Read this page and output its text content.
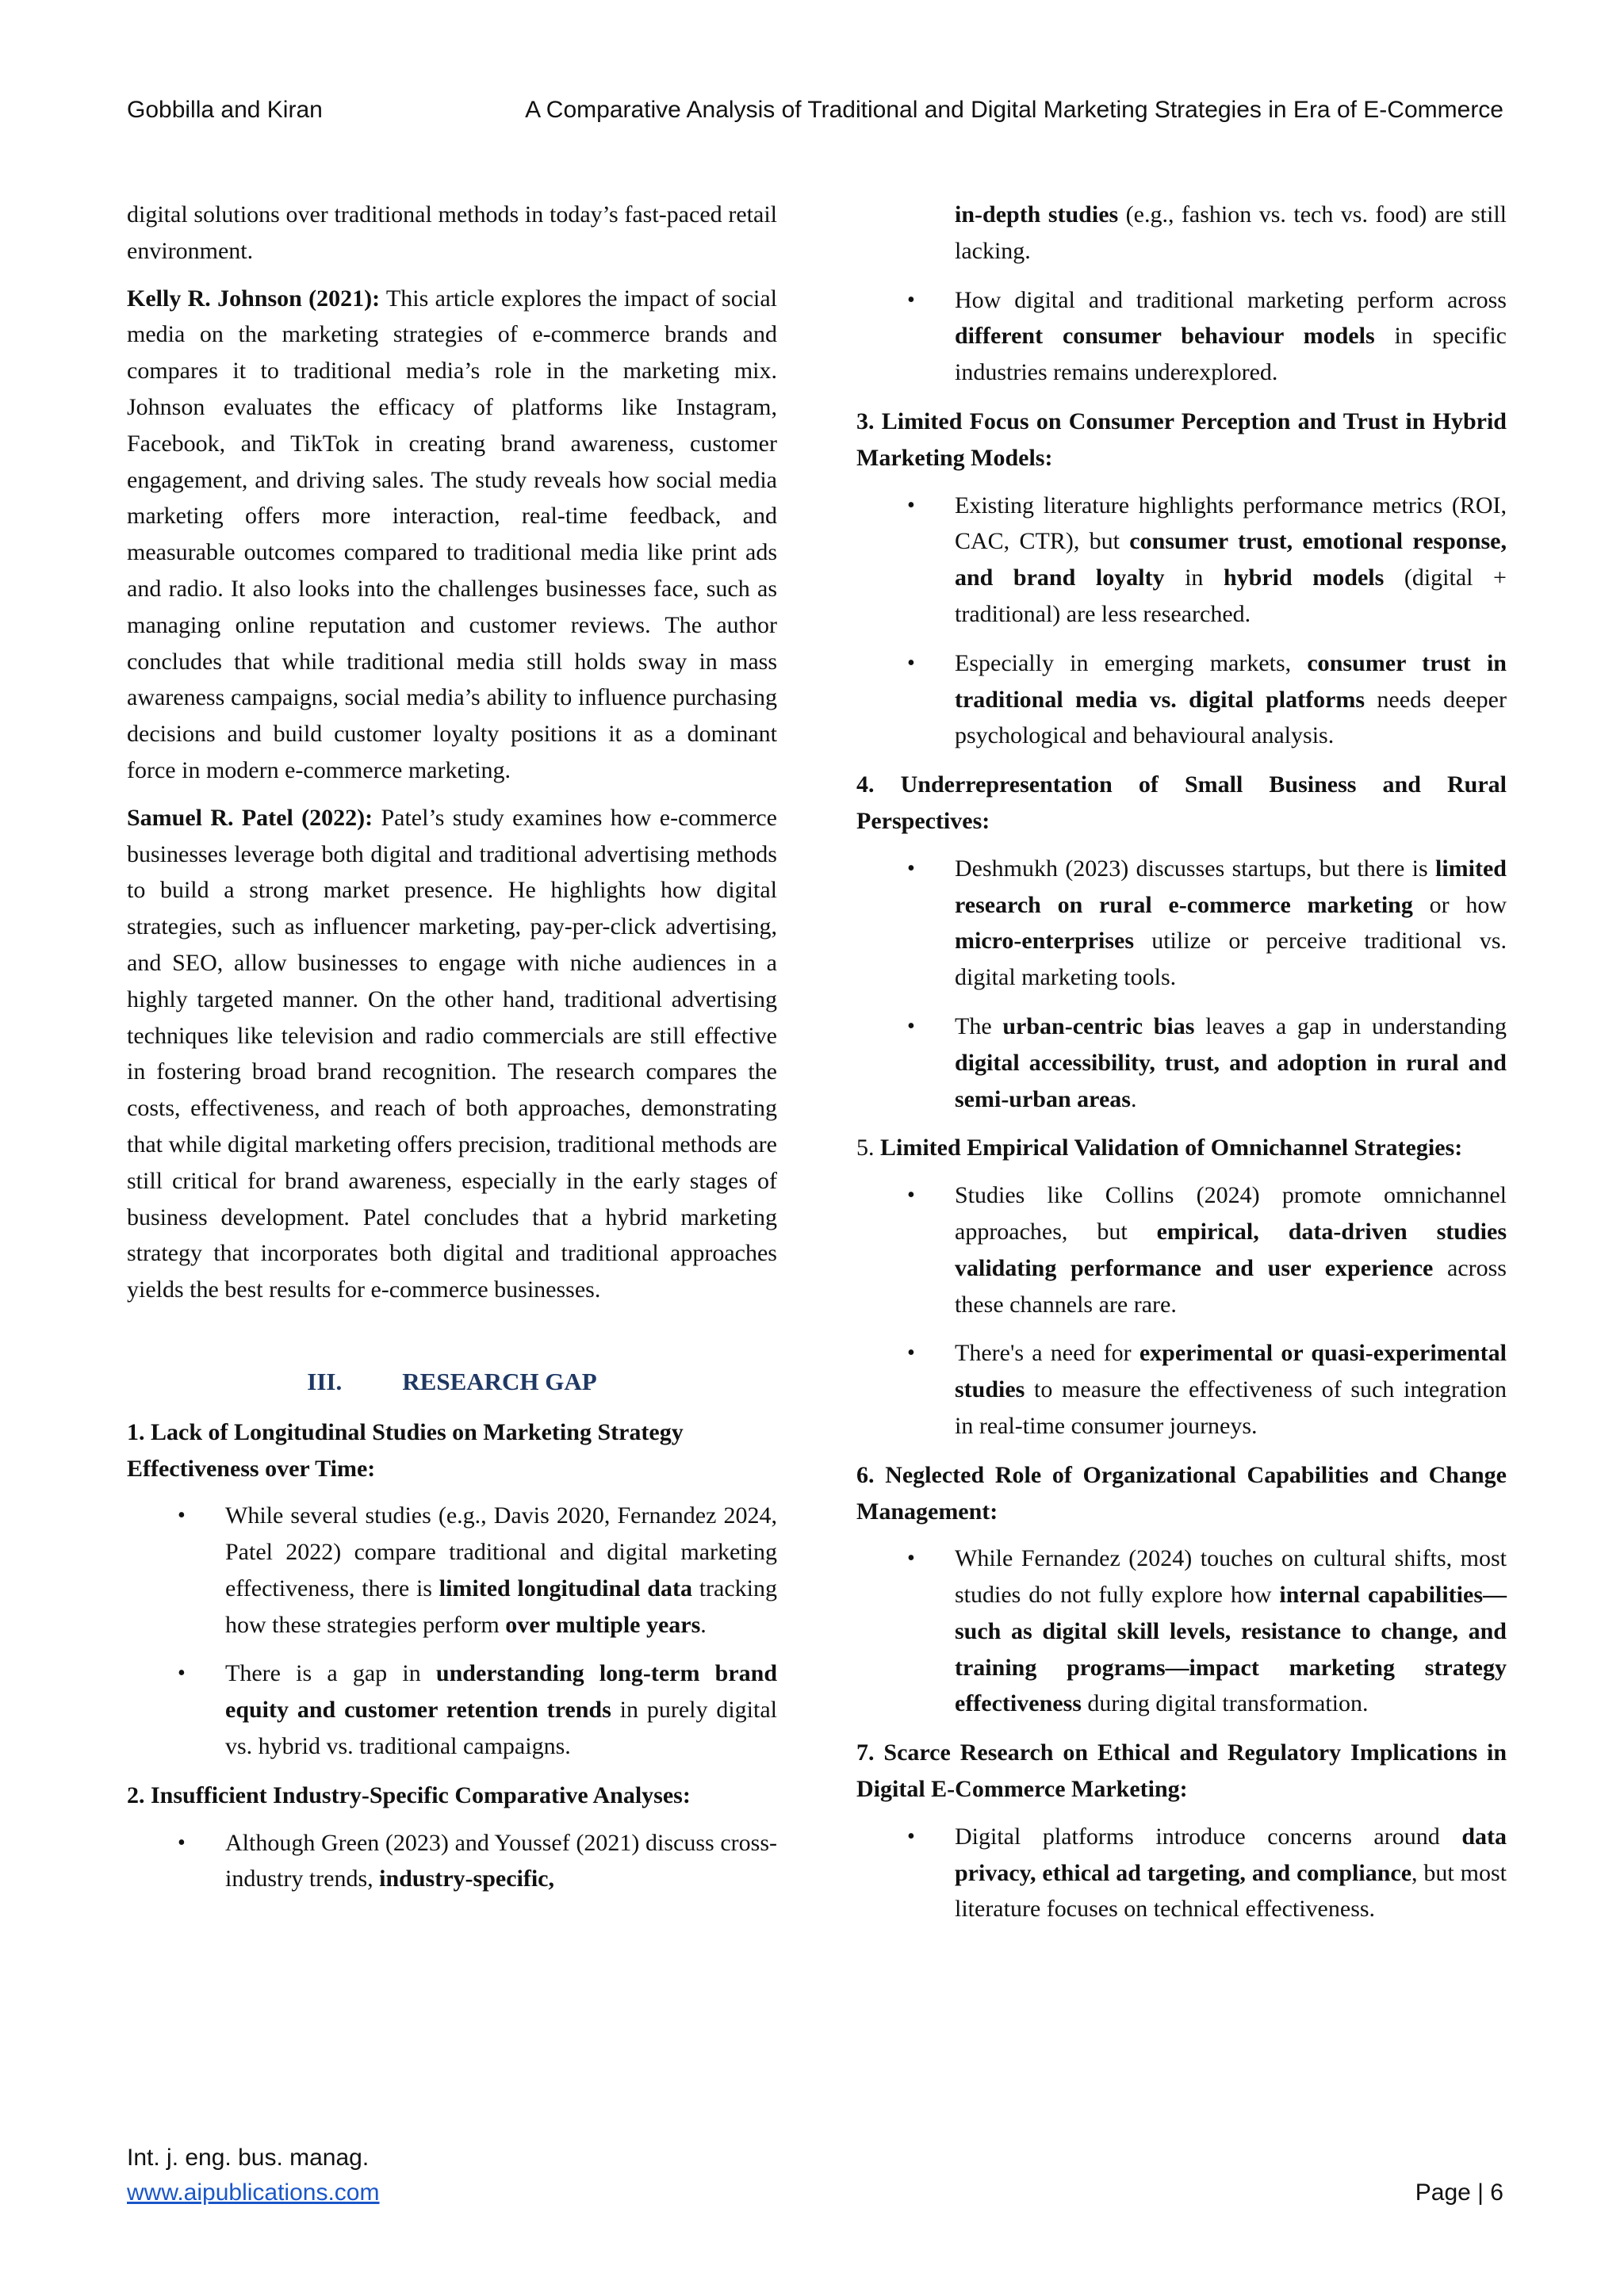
Gobbilla and Kiran	A Comparative Analysis of Traditional and Digital Marketing Strategies in Era of E-Commerce

digital solutions over traditional methods in today’s fast-paced retail environment.

Kelly R. Johnson (2021): This article explores the impact of social media on the marketing strategies of e-commerce brands and compares it to traditional media’s role in the marketing mix. Johnson evaluates the efficacy of platforms like Instagram, Facebook, and TikTok in creating brand awareness, customer engagement, and driving sales. The study reveals how social media marketing offers more interaction, real-time feedback, and measurable outcomes compared to traditional media like print ads and radio. It also looks into the challenges businesses face, such as managing online reputation and customer reviews. The author concludes that while traditional media still holds sway in mass awareness campaigns, social media’s ability to influence purchasing decisions and build customer loyalty positions it as a dominant force in modern e-commerce marketing.

Samuel R. Patel (2022): Patel’s study examines how e-commerce businesses leverage both digital and traditional advertising methods to build a strong market presence. He highlights how digital strategies, such as influencer marketing, pay-per-click advertising, and SEO, allow businesses to engage with niche audiences in a highly targeted manner. On the other hand, traditional advertising techniques like television and radio commercials are still effective in fostering broad brand recognition. The research compares the costs, effectiveness, and reach of both approaches, demonstrating that while digital marketing offers precision, traditional methods are still critical for brand awareness, especially in the early stages of business development. Patel concludes that a hybrid marketing strategy that incorporates both digital and traditional approaches yields the best results for e-commerce businesses.

III. RESEARCH GAP
1. Lack of Longitudinal Studies on Marketing Strategy Effectiveness over Time:
• While several studies (e.g., Davis 2020, Fernandez 2024, Patel 2022) compare traditional and digital marketing effectiveness, there is limited longitudinal data tracking how these strategies perform over multiple years.
• There is a gap in understanding long-term brand equity and customer retention trends in purely digital vs. hybrid vs. traditional campaigns.
2. Insufficient Industry-Specific Comparative Analyses:
• Although Green (2023) and Youssef (2021) discuss cross-industry trends, industry-specific,
in-depth studies (e.g., fashion vs. tech vs. food) are still lacking.
• How digital and traditional marketing perform across different consumer behaviour models in specific industries remains underexplored.
3. Limited Focus on Consumer Perception and Trust in Hybrid Marketing Models:
• Existing literature highlights performance metrics (ROI, CAC, CTR), but consumer trust, emotional response, and brand loyalty in hybrid models (digital + traditional) are less researched.
• Especially in emerging markets, consumer trust in traditional media vs. digital platforms needs deeper psychological and behavioural analysis.
4. Underrepresentation of Small Business and Rural Perspectives:
• Deshmukh (2023) discusses startups, but there is limited research on rural e-commerce marketing or how micro-enterprises utilize or perceive traditional vs. digital marketing tools.
• The urban-centric bias leaves a gap in understanding digital accessibility, trust, and adoption in rural and semi-urban areas.
5. Limited Empirical Validation of Omnichannel Strategies:
• Studies like Collins (2024) promote omnichannel approaches, but empirical, data-driven studies validating performance and user experience across these channels are rare.
• There's a need for experimental or quasi-experimental studies to measure the effectiveness of such integration in real-time consumer journeys.
6. Neglected Role of Organizational Capabilities and Change Management:
• While Fernandez (2024) touches on cultural shifts, most studies do not fully explore how internal capabilities—such as digital skill levels, resistance to change, and training programs—impact marketing strategy effectiveness during digital transformation.
7. Scarce Research on Ethical and Regulatory Implications in Digital E-Commerce Marketing:
• Digital platforms introduce concerns around data privacy, ethical ad targeting, and compliance, but most literature focuses on technical effectiveness.
Int. j. eng. bus. manag.
www.aipublications.com	Page | 6
